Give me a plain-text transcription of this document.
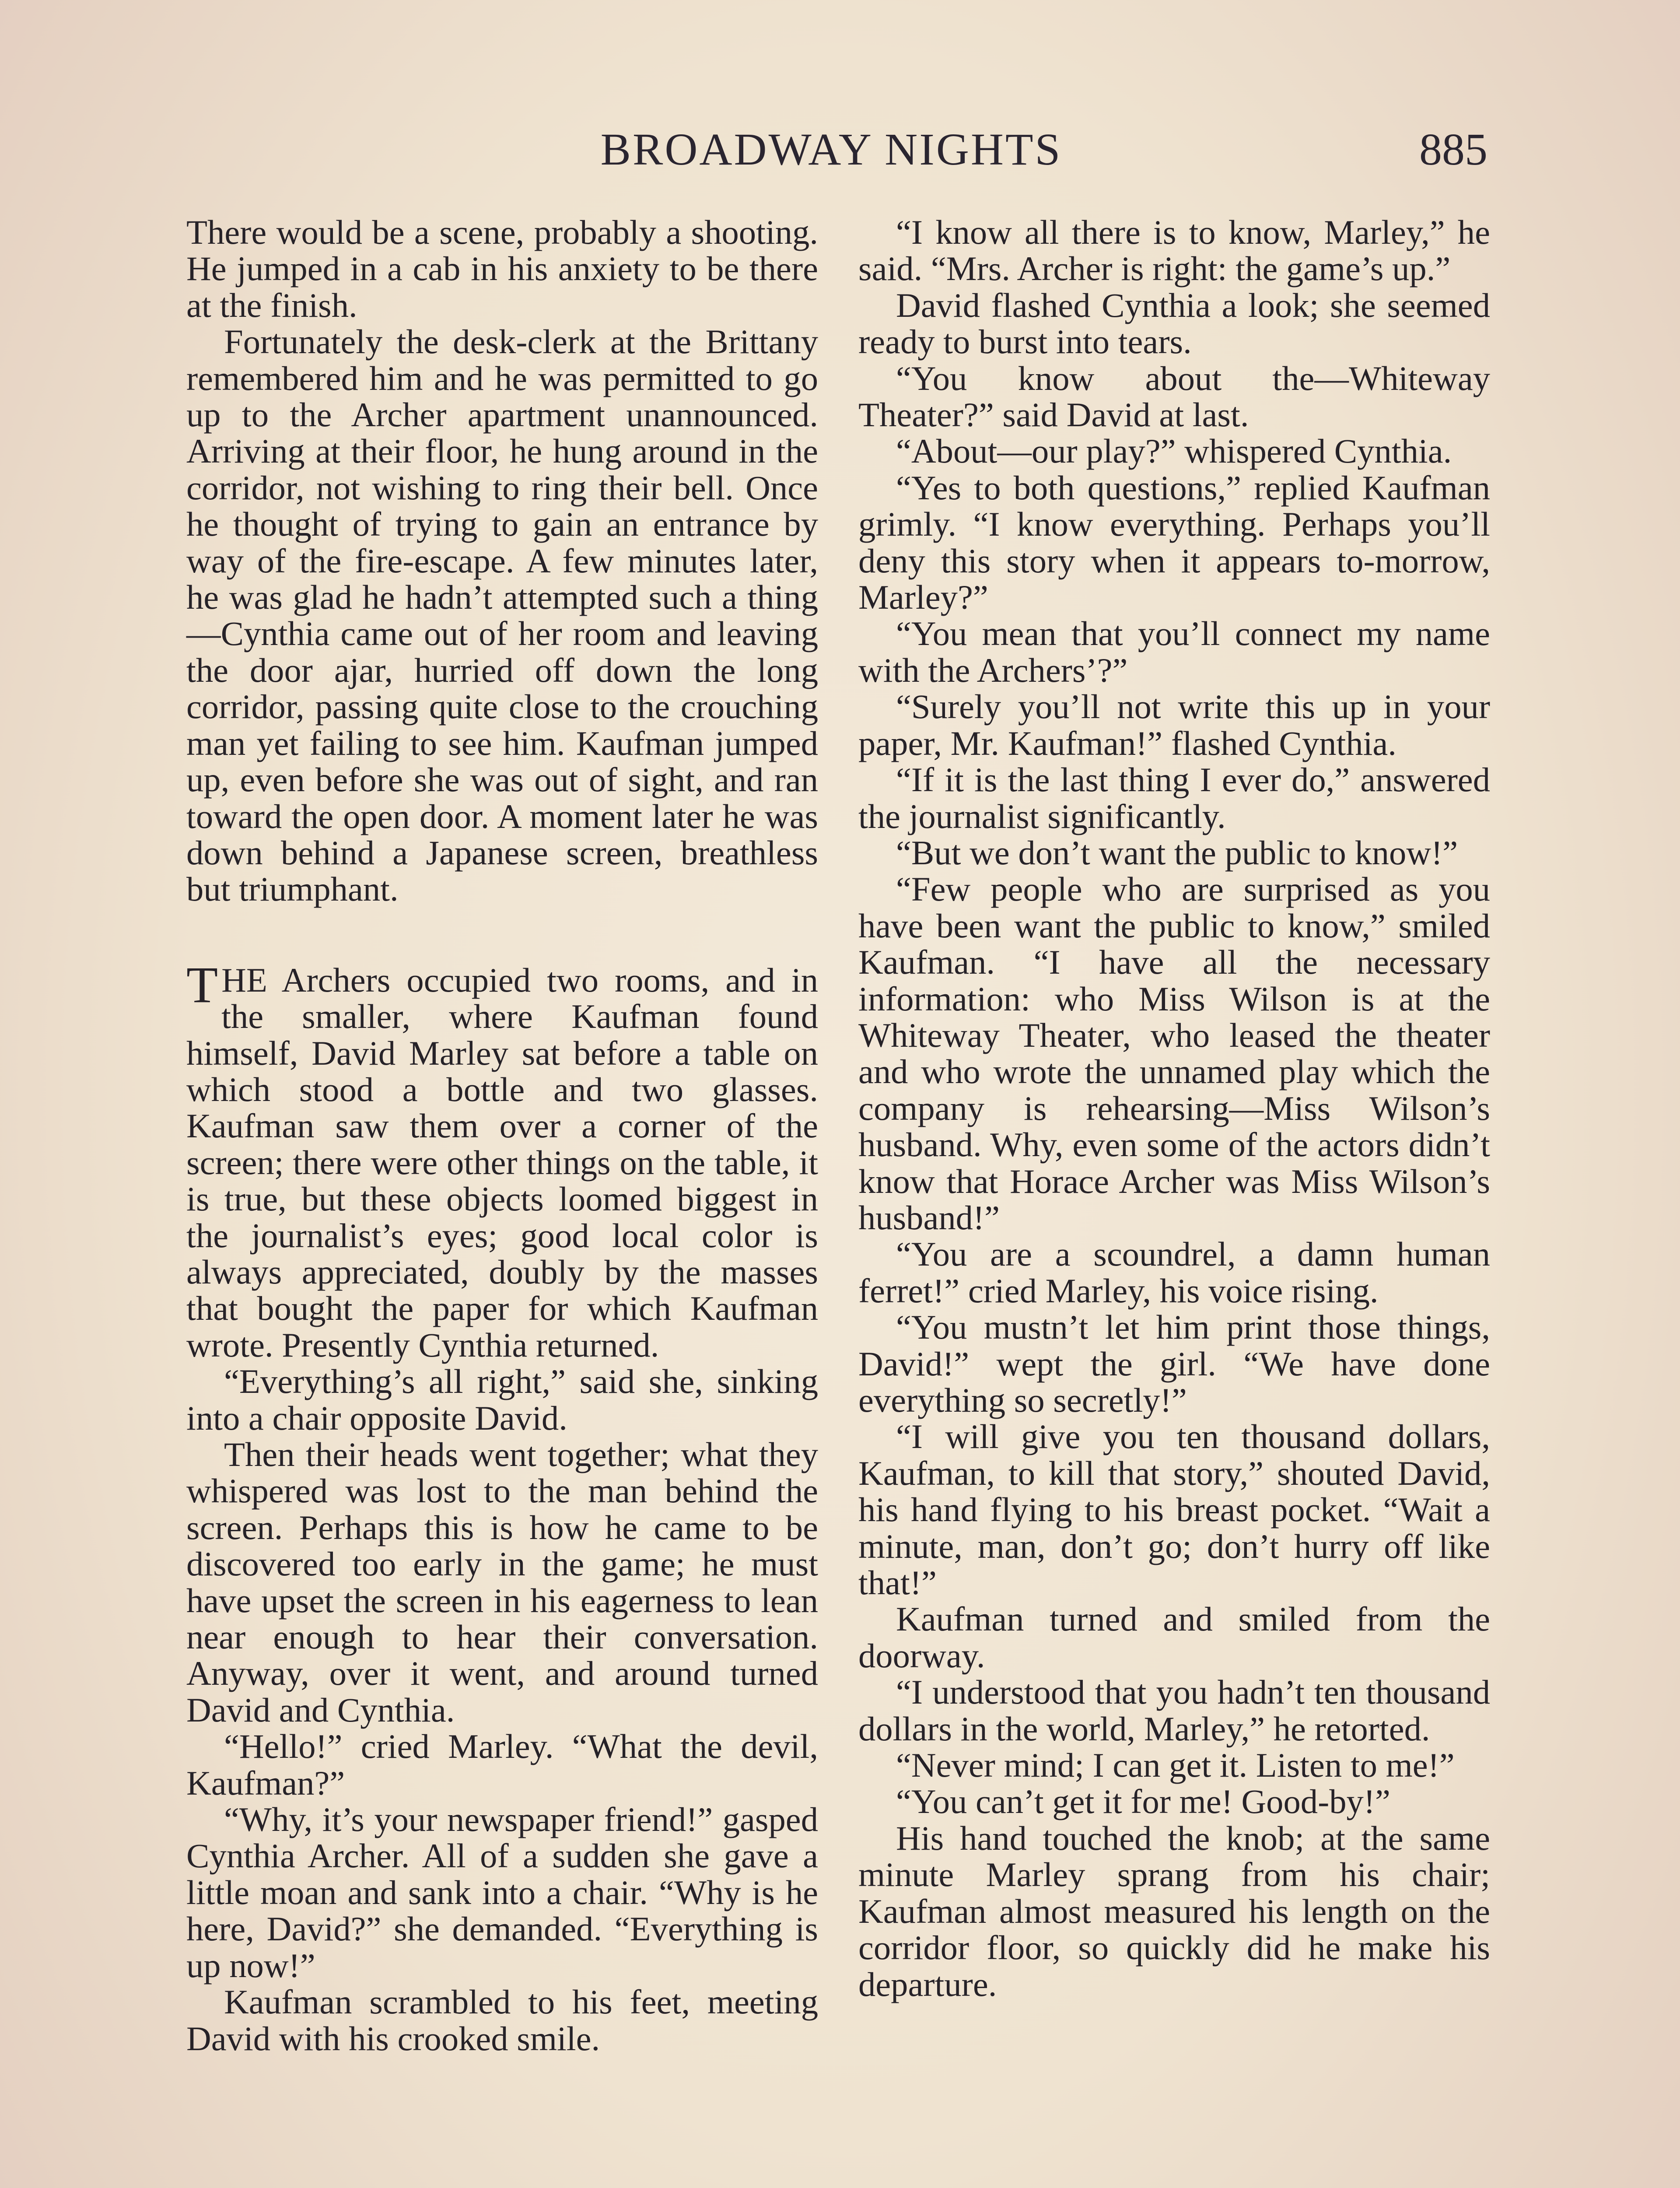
BROADWAY NIGHTS	885

There would be a scene, probably a shooting. He jumped in a cab in his anxiety to be there at the finish.

Fortunately the desk-clerk at the Brittany remembered him and he was permitted to go up to the Archer apartment unannounced. Arriving at their floor, he hung around in the corridor, not wishing to ring their bell. Once he thought of trying to gain an entrance by way of the fire-escape. A few minutes later, he was glad he hadn’t attempted such a thing—Cynthia came out of her room and leaving the door ajar, hurried off down the long corridor, passing quite close to the crouching man yet failing to see him. Kaufman jumped up, even before she was out of sight, and ran toward the open door. A moment later he was down behind a Japanese screen, breathless but triumphant.

THE Archers occupied two rooms, and in the smaller, where Kaufman found himself, David Marley sat before a table on which stood a bottle and two glasses. Kaufman saw them over a corner of the screen; there were other things on the table, it is true, but these objects loomed biggest in the journalist’s eyes; good local color is always appreciated, doubly by the masses that bought the paper for which Kaufman wrote. Presently Cynthia returned.

“Everything’s all right,” said she, sinking into a chair opposite David.

Then their heads went together; what they whispered was lost to the man behind the screen. Perhaps this is how he came to be discovered too early in the game; he must have upset the screen in his eagerness to lean near enough to hear their conversation. Anyway, over it went, and around turned David and Cynthia.

“Hello!” cried Marley. “What the devil, Kaufman?”

“Why, it’s your newspaper friend!” gasped Cynthia Archer. All of a sudden she gave a little moan and sank into a chair. “Why is he here, David?” she demanded. “Everything is up now!”

Kaufman scrambled to his feet, meeting David with his crooked smile.

“I know all there is to know, Marley,” he said. “Mrs. Archer is right: the game’s up.”

David flashed Cynthia a look; she seemed ready to burst into tears.

“You know about the—Whiteway Theater?” said David at last.

“About—our play?” whispered Cynthia.

“Yes to both questions,” replied Kaufman grimly. “I know everything. Perhaps you’ll deny this story when it appears to-morrow, Marley?”

“You mean that you’ll connect my name with the Archers’?”

“Surely you’ll not write this up in your paper, Mr. Kaufman!” flashed Cynthia.

“If it is the last thing I ever do,” answered the journalist significantly.

“But we don’t want the public to know!”

“Few people who are surprised as you have been want the public to know,” smiled Kaufman. “I have all the necessary information: who Miss Wilson is at the Whiteway Theater, who leased the theater and who wrote the unnamed play which the company is rehearsing—Miss Wilson’s husband. Why, even some of the actors didn’t know that Horace Archer was Miss Wilson’s husband!”

“You are a scoundrel, a damn human ferret!” cried Marley, his voice rising.

“You mustn’t let him print those things, David!” wept the girl. “We have done everything so secretly!”

“I will give you ten thousand dollars, Kaufman, to kill that story,” shouted David, his hand flying to his breast pocket. “Wait a minute, man, don’t go; don’t hurry off like that!”

Kaufman turned and smiled from the doorway.

“I understood that you hadn’t ten thousand dollars in the world, Marley,” he retorted.

“Never mind; I can get it. Listen to me!”

“You can’t get it for me! Good-by!”

His hand touched the knob; at the same minute Marley sprang from his chair; Kaufman almost measured his length on the corridor floor, so quickly did he make his departure.
